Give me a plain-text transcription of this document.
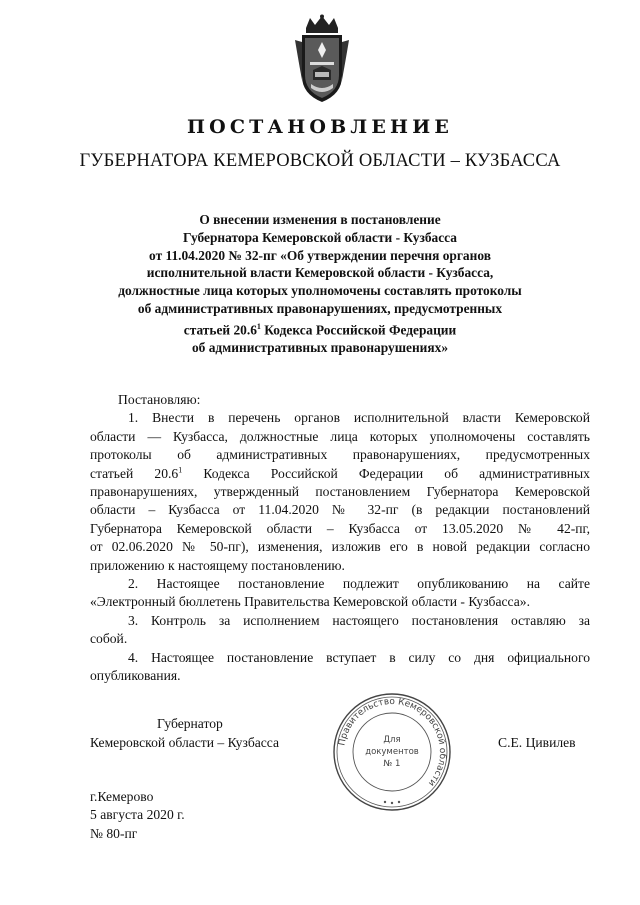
ПОСТАНОВЛЕНИЕ
ГУБЕРНАТОРА КЕМЕРОВСКОЙ ОБЛАСТИ – КУЗБАССА
О внесении изменения в постановление
Губернатора Кемеровской области - Кузбасса
от 11.04.2020 № 32-пг «Об утверждении перечня органов
исполнительной власти Кемеровской области - Кузбасса,
должностные лица которых уполномочены составлять протоколы
об административных правонарушениях, предусмотренных
статьей 20.6$^1$ Кодекса Российской Федерации
об административных правонарушениях»
Постановляю:
1. Внести в перечень органов исполнительной власти Кемеровской
области — Кузбасса, должностные лица которых уполномочены составлять
протоколы об административных правонарушениях, предусмотренных
статьей 20.6$^1$ Кодекса Российской Федерации об административных
правонарушениях, утвержденный постановлением Губернатора Кемеровской
области – Кузбасса от 11.04.2020 № 32-пг (в редакции постановлений
Губернатора Кемеровской области – Кузбасса от 13.05.2020 № 42-пг,
от 02.06.2020 № 50-пг), изменения, изложив его в новой редакции согласно
приложению к настоящему постановлению.
2. Настоящее постановление подлежит опубликованию на сайте
«Электронный бюллетень Правительства Кемеровской области - Кузбасса».
3. Контроль за исполнением настоящего постановления оставляю за
собой.
4. Настоящее постановление вступает в силу со дня официального
опубликования.
Губернатор
Кемеровской области – Кузбасса	С.Е. Цивилев
Правительство Кемеровской области
Для
документов
№ 1
г.Кемерово
5 августа 2020 г.
№ 80-пг
